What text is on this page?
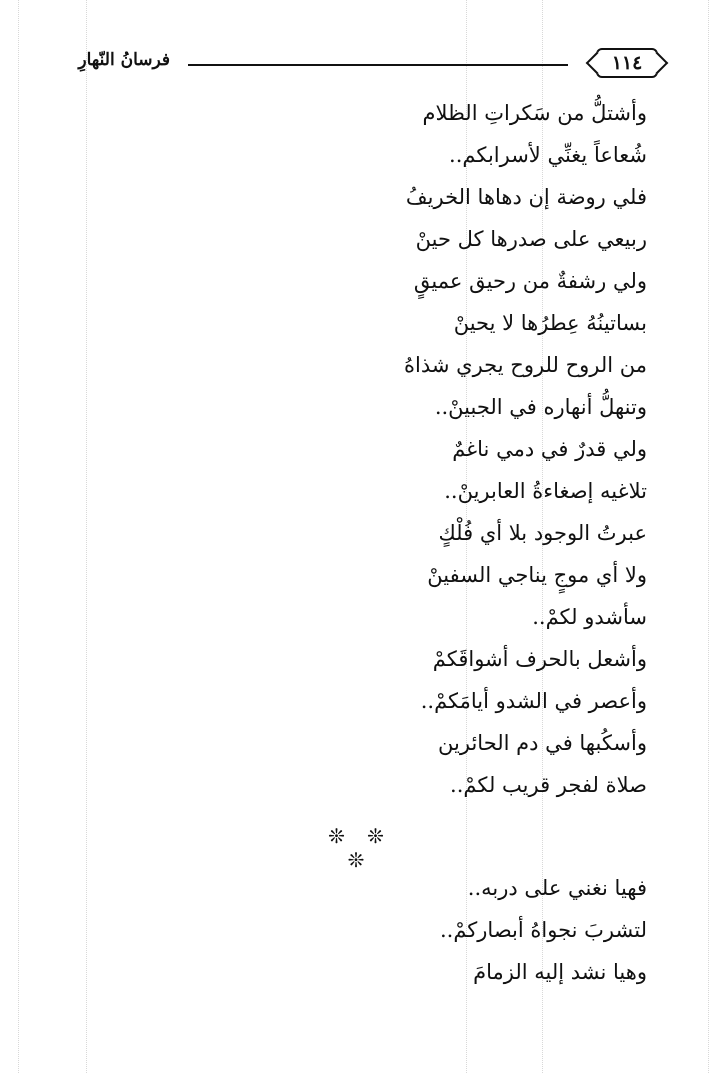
١١٤
فرسانُ النّهارِ
وأشتلُّ من سَكراتِ الظلام
شُعاعاً يغنِّي لأسرابكم..
فلي روضة إن دهاها الخريفُ
ربيعي على صدرها كل حينْ
ولي رشفةٌ من رحيق عميقٍ
بساتينُهُ عِطرُها لا يحينْ
من الروح للروح يجري شذاهُ
وتنهلُّ أنهاره في الجبينْ..
ولي قدرٌ في دمي ناغمٌ
تلاغيه إصغاءةُ العابرينْ..
عبرتُ الوجود بلا أي فُلْكٍ
ولا أي موجٍ يناجي السفينْ
سأشدو لكمْ..
وأشعل بالحرف أشواقَكمْ
وأعصر في الشدو أيامَكمْ..
وأسكُبها في دم الحائرين
صلاة لفجر قريب لكمْ..
❊ ❊ ❊
فهيا نغني على دربه..
لتشربَ نجواهُ أبصاركمْ..
وهيا نشد إليه الزمامَ
